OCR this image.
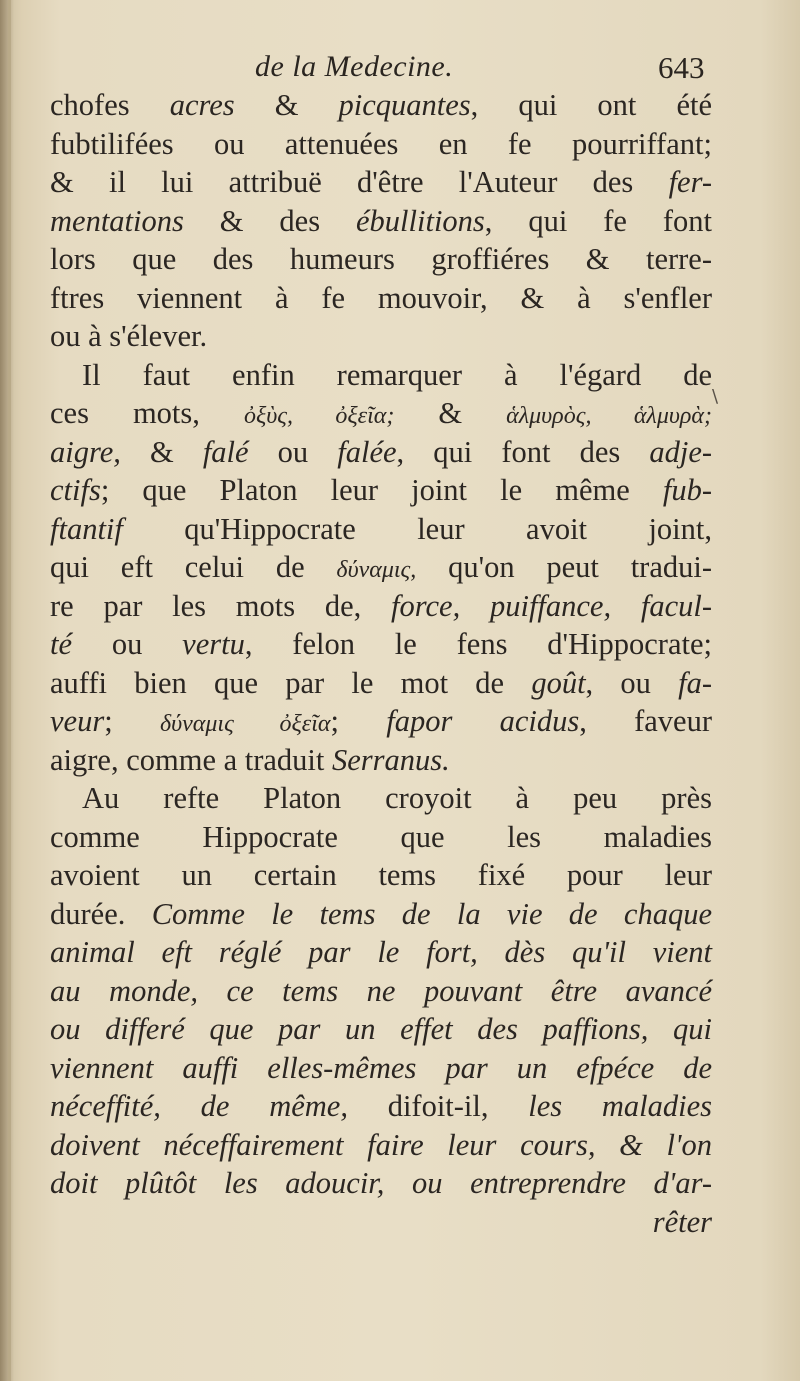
de la Medecine.	643
\
chofes acres & picquantes, qui ont été
fubtilifées ou attenuées en fe pourriffant;
& il lui attribuë d'être l'Auteur des fer-
mentations & des ébullitions, qui fe font
lors que des humeurs groffiéres & terre-
ftres viennent à fe mouvoir, & à s'enfler
ou à s'élever.
Il faut enfin remarquer à l'égard de
ces mots, ὀξὺς, ὀξεῖα; & ἁλμυρὸς, ἁλμυρὰ;
aigre, & falé ou falée, qui font des adje-
ctifs; que Platon leur joint le même fub-
ftantif qu'Hippocrate leur avoit joint,
qui eft celui de δύναμις, qu'on peut tradui-
re par les mots de, force, puiffance, facul-
té ou vertu, felon le fens d'Hippocrate;
auffi bien que par le mot de goût, ou fa-
veur; δύναμις ὀξεῖα; fapor acidus, faveur
aigre, comme a traduit Serranus.
Au refte Platon croyoit à peu près
comme Hippocrate que les maladies
avoient un certain tems fixé pour leur
durée. Comme le tems de la vie de chaque
animal eft réglé par le fort, dès qu'il vient
au monde, ce tems ne pouvant être avancé
ou differé que par un effet des paffions, qui
viennent auffi elles-mêmes par un efpéce de
néceffité, de même, difoit-il, les maladies
doivent néceffairement faire leur cours, & l'on
doit plûtôt les adoucir, ou entreprendre d'ar-
rêter
